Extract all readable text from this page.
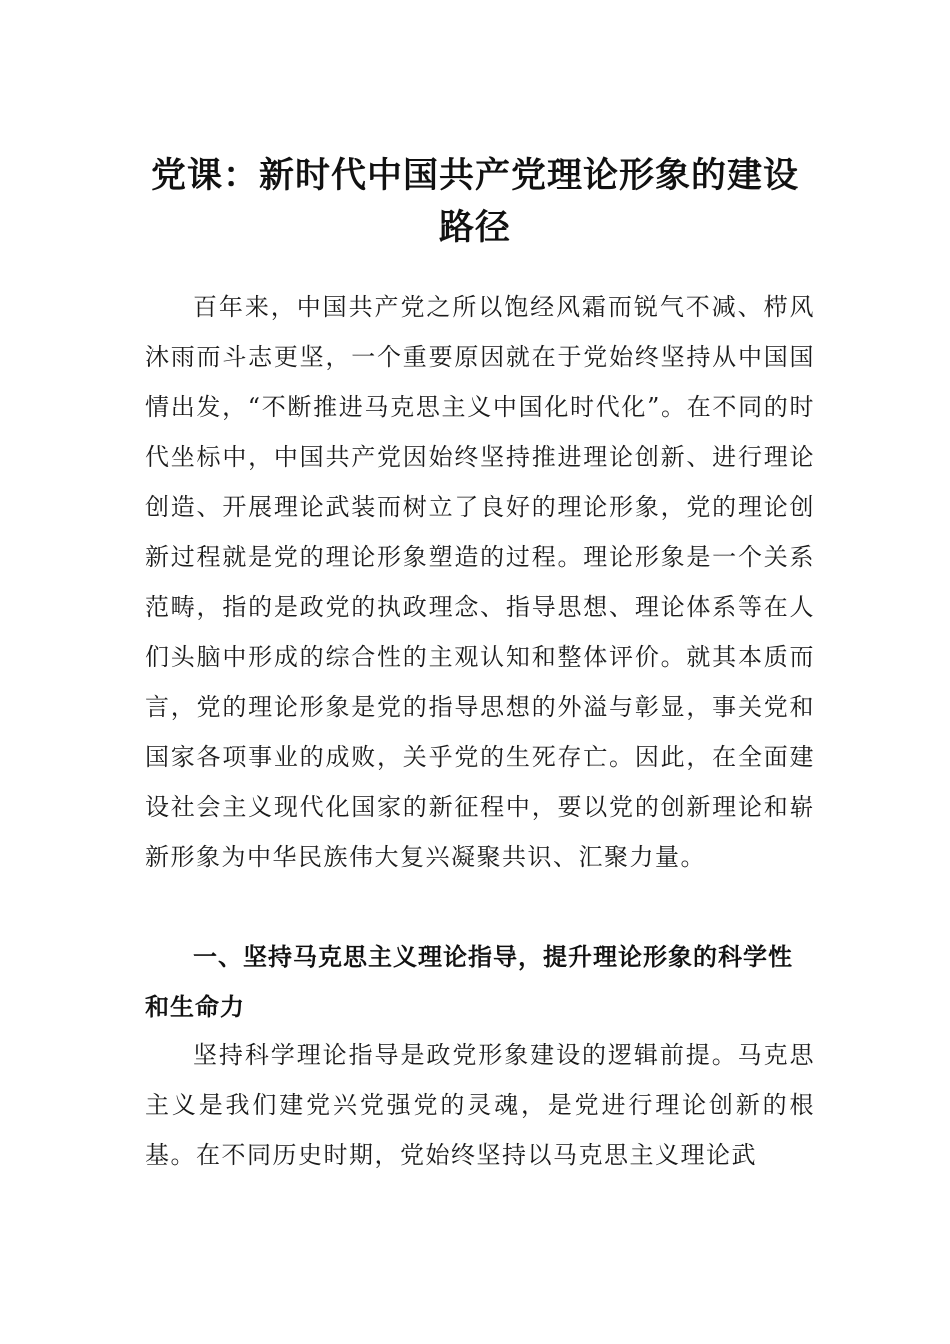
党课：新时代中国共产党理论形象的建设路径

百年来，中国共产党之所以饱经风霜而锐气不减、栉风沐雨而斗志更坚，一个重要原因就在于党始终坚持从中国国情出发，“不断推进马克思主义中国化时代化”。在不同的时代坐标中，中国共产党因始终坚持推进理论创新、进行理论创造、开展理论武装而树立了良好的理论形象，党的理论创新过程就是党的理论形象塑造的过程。理论形象是一个关系范畴，指的是政党的执政理念、指导思想、理论体系等在人们头脑中形成的综合性的主观认知和整体评价。就其本质而言，党的理论形象是党的指导思想的外溢与彰显，事关党和国家各项事业的成败，关乎党的生死存亡。因此，在全面建设社会主义现代化国家的新征程中，要以党的创新理论和崭新形象为中华民族伟大复兴凝聚共识、汇聚力量。

一、坚持马克思主义理论指导，提升理论形象的科学性和生命力

坚持科学理论指导是政党形象建设的逻辑前提。马克思主义是我们建党兴党强党的灵魂，是党进行理论创新的根基。在不同历史时期，党始终坚持以马克思主义理论武
